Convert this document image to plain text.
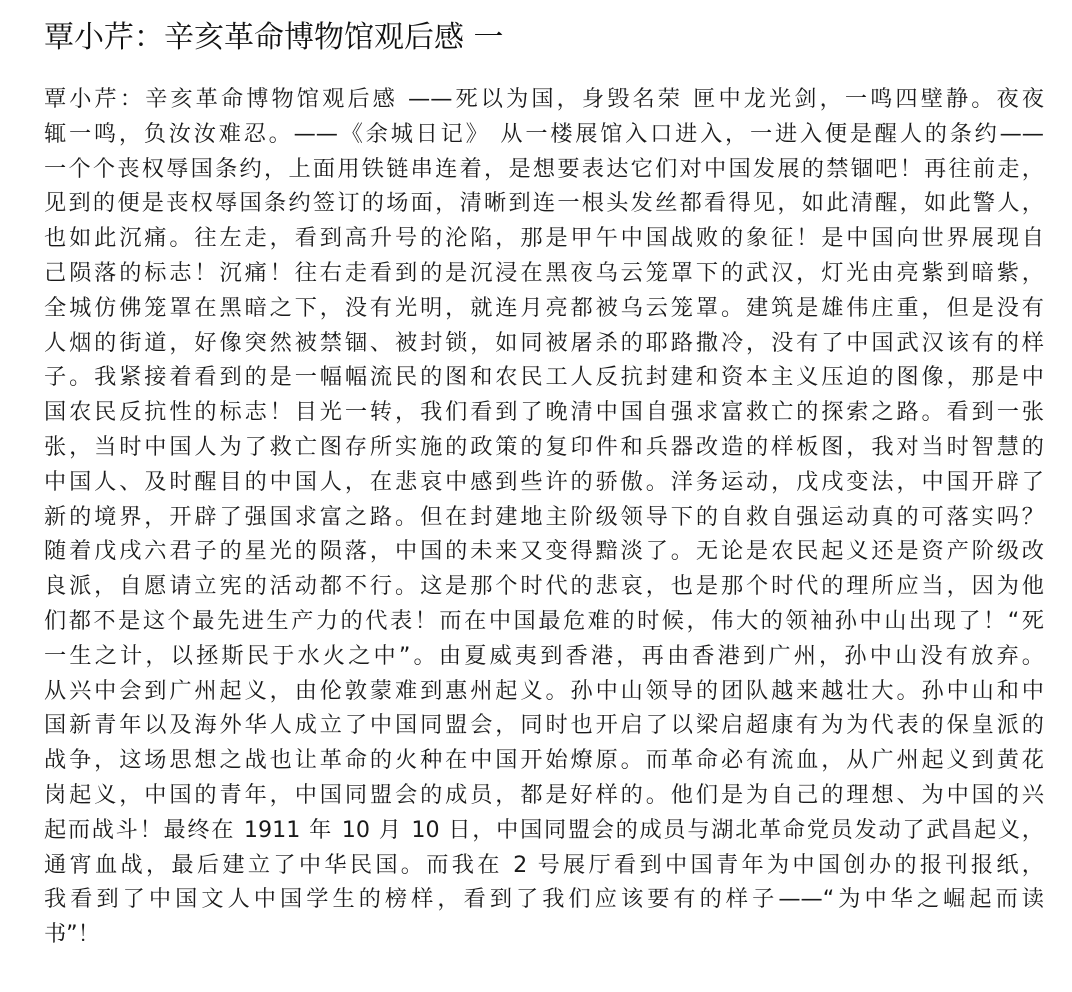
覃小芹：辛亥革命博物馆观后感 一
覃小芹：辛亥革命博物馆观后感 ——死以为国，身毁名荣 匣中龙光剑，一鸣四壁静。夜夜
辄一鸣，负汝汝难忍。——《余城日记》 从一楼展馆入口进入，一进入便是醒人的条约——
一个个丧权辱国条约，上面用铁链串连着，是想要表达它们对中国发展的禁锢吧！再往前走，
见到的便是丧权辱国条约签订的场面，清晰到连一根头发丝都看得见，如此清醒，如此警人，
也如此沉痛。往左走，看到高升号的沦陷，那是甲午中国战败的象征！是中国向世界展现自
己陨落的标志！沉痛！往右走看到的是沉浸在黑夜乌云笼罩下的武汉，灯光由亮紫到暗紫，
全城仿佛笼罩在黑暗之下，没有光明，就连月亮都被乌云笼罩。建筑是雄伟庄重，但是没有
人烟的街道，好像突然被禁锢、被封锁，如同被屠杀的耶路撒冷，没有了中国武汉该有的样
子。我紧接着看到的是一幅幅流民的图和农民工人反抗封建和资本主义压迫的图像，那是中
国农民反抗性的标志！目光一转，我们看到了晚清中国自强求富救亡的探索之路。看到一张
张，当时中国人为了救亡图存所实施的政策的复印件和兵器改造的样板图，我对当时智慧的
中国人、及时醒目的中国人，在悲哀中感到些许的骄傲。洋务运动，戊戌变法，中国开辟了
新的境界，开辟了强国求富之路。但在封建地主阶级领导下的自救自强运动真的可落实吗？
随着戊戌六君子的星光的陨落，中国的未来又变得黯淡了。无论是农民起义还是资产阶级改
良派，自愿请立宪的活动都不行。这是那个时代的悲哀，也是那个时代的理所应当，因为他
们都不是这个最先进生产力的代表！而在中国最危难的时候，伟大的领袖孙中山出现了！“死
一生之计，以拯斯民于水火之中”。由夏威夷到香港，再由香港到广州，孙中山没有放弃。
从兴中会到广州起义，由伦敦蒙难到惠州起义。孙中山领导的团队越来越壮大。孙中山和中
国新青年以及海外华人成立了中国同盟会，同时也开启了以梁启超康有为为代表的保皇派的
战争，这场思想之战也让革命的火种在中国开始燎原。而革命必有流血，从广州起义到黄花
岗起义，中国的青年，中国同盟会的成员，都是好样的。他们是为自己的理想、为中国的兴
起而战斗！最终在 1911 年 10 月 10 日，中国同盟会的成员与湖北革命党员发动了武昌起义，
通宵血战，最后建立了中华民国。而我在 2 号展厅看到中国青年为中国创办的报刊报纸，
我看到了中国文人中国学生的榜样，看到了我们应该要有的样子——“为中华之崛起而读
书”！
